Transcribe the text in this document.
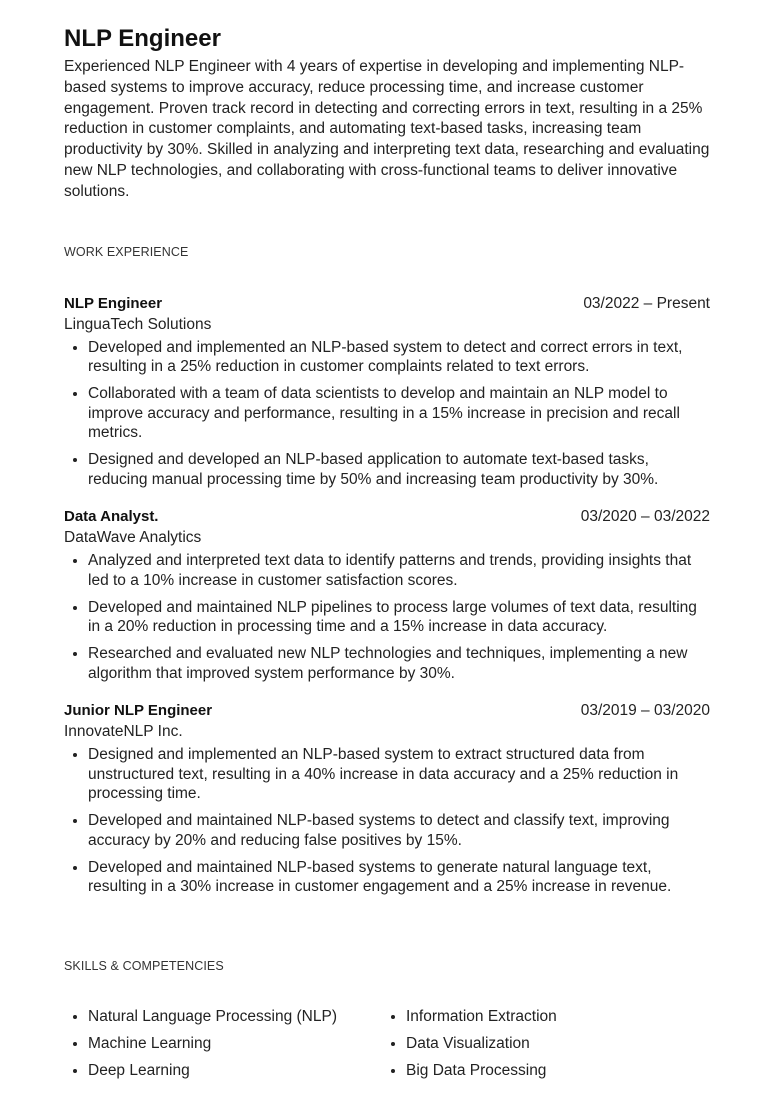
NLP Engineer

Experienced NLP Engineer with 4 years of expertise in developing and implementing NLP-based systems to improve accuracy, reduce processing time, and increase customer engagement. Proven track record in detecting and correcting errors in text, resulting in a 25% reduction in customer complaints, and automating text-based tasks, increasing team productivity by 30%. Skilled in analyzing and interpreting text data, researching and evaluating new NLP technologies, and collaborating with cross-functional teams to deliver innovative solutions.

WORK EXPERIENCE
NLP Engineer	03/2022 – Present
LinguaTech Solutions
• Developed and implemented an NLP-based system to detect and correct errors in text, resulting in a 25% reduction in customer complaints related to text errors.
• Collaborated with a team of data scientists to develop and maintain an NLP model to improve accuracy and performance, resulting in a 15% increase in precision and recall metrics.
• Designed and developed an NLP-based application to automate text-based tasks, reducing manual processing time by 50% and increasing team productivity by 30%.
Data Analyst.	03/2020 – 03/2022
DataWave Analytics
• Analyzed and interpreted text data to identify patterns and trends, providing insights that led to a 10% increase in customer satisfaction scores.
• Developed and maintained NLP pipelines to process large volumes of text data, resulting in a 20% reduction in processing time and a 15% increase in data accuracy.
• Researched and evaluated new NLP technologies and techniques, implementing a new algorithm that improved system performance by 30%.
Junior NLP Engineer	03/2019 – 03/2020
InnovateNLP Inc.
• Designed and implemented an NLP-based system to extract structured data from unstructured text, resulting in a 40% increase in data accuracy and a 25% reduction in processing time.
• Developed and maintained NLP-based systems to detect and classify text, improving accuracy by 20% and reducing false positives by 15%.
• Developed and maintained NLP-based systems to generate natural language text, resulting in a 30% increase in customer engagement and a 25% increase in revenue.
SKILLS & COMPETENCIES
• Natural Language Processing (NLP)
• Machine Learning
• Deep Learning
• Information Extraction
• Data Visualization
• Big Data Processing
